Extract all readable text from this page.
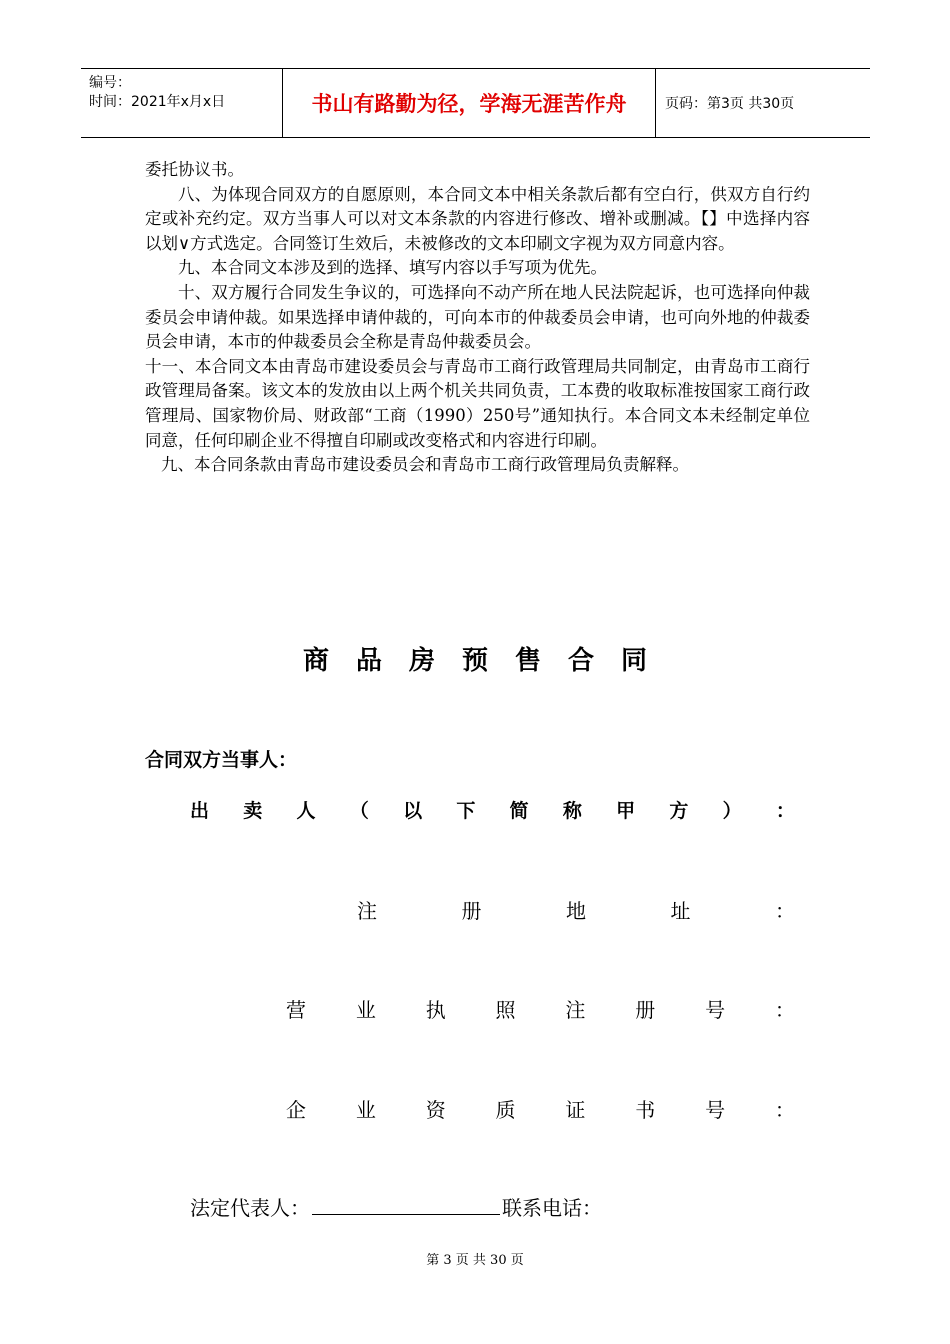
编号：
时间：2021年x月x日	书山有路勤为径，学海无涯苦作舟	页码：第3页 共30页

委托协议书。

八、为体现合同双方的自愿原则，本合同文本中相关条款后都有空白行，供双方自行约定或补充约定。双方当事人可以对文本条款的内容进行修改、增补或删减。【】中选择内容以划∨方式选定。合同签订生效后，未被修改的文本印刷文字视为双方同意内容。

九、本合同文本涉及到的选择、填写内容以手写项为优先。

十、双方履行合同发生争议的，可选择向不动产所在地人民法院起诉，也可选择向仲裁委员会申请仲裁。如果选择申请仲裁的，可向本市的仲裁委员会申请，也可向外地的仲裁委员会申请，本市的仲裁委员会全称是青岛仲裁委员会。

十一、本合同文本由青岛市建设委员会与青岛市工商行政管理局共同制定，由青岛市工商行政管理局备案。该文本的发放由以上两个机关共同负责，工本费的收取标准按国家工商行政管理局、国家物价局、财政部“工商（1990）250号”通知执行。本合同文本未经制定单位同意，任何印刷企业不得擅自印刷或改变格式和内容进行印刷。

九、本合同条款由青岛市建设委员会和青岛市工商行政管理局负责解释。

商品房预售合同
合同双方当事人：
出 卖 人 （ 以 下 简 称 甲 方 ） ：
注	册	地	址	：
营 业 执 照 注 册 号 ：
企 业 资 质 证 书 号 ：
法定代表人：	联系电话：
第 3 页 共 30 页
